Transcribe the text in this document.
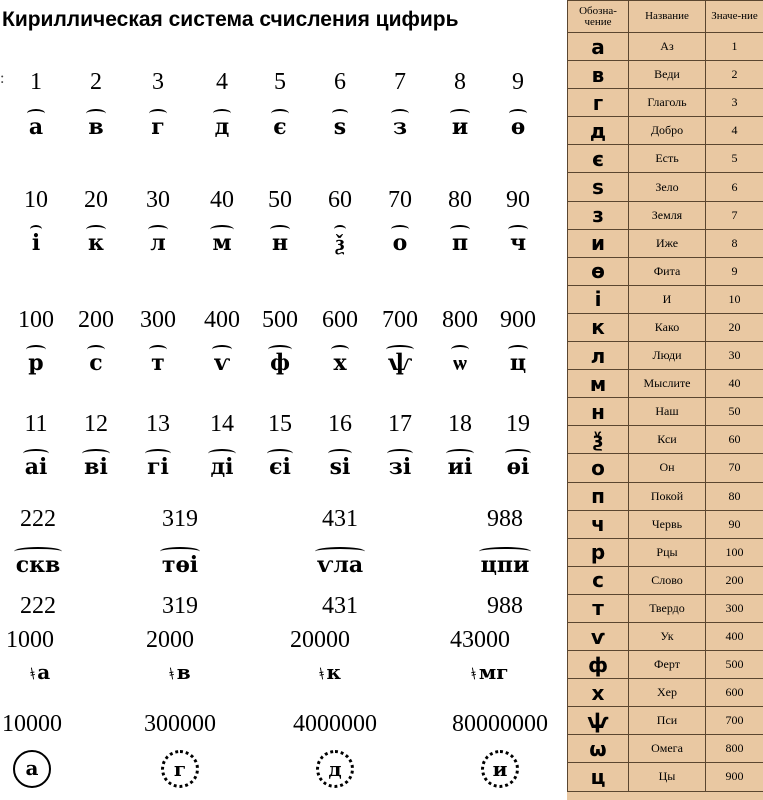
Кириллическая система счисления цифирь
:	1	2	3	4	5	6	7	8	9
а	в	г	д	є	ѕ	з	и	ѳ
10	20	30	40	50	60	70	80	90
і	к	л	м	н	ѯ	о	п	ч
100	200	300	400 500	600	700	800 900
р	с	т	ѵ	ф	х	ѱ	ѡ	ц
11	12	13	14	15	16	17	18	19
аі	ві	гі	ді	єі	ѕі	зі	иі	ѳі
222	319	431	988
скв	тѳі	ѵла	цпи
222	319	431	988
1000	2000	20000	43000
҂а	҂в	҂к	҂мг
10000	300000	4000000	80000000
а	г	д	и
Обозна-чение	Название	Значе-ние
а	Аз	1
в	Веди	2
г	Глаголь	3
д	Добро	4
є	Есть	5
ѕ	Зело	6
з	Земля	7
и	Иже	8
ѳ	Фита	9
і	И	10
к	Како	20
л	Люди	30
м	Мыслите	40
н	Наш	50
ѯ	Кси	60
о	Он	70
п	Покой	80
ч	Червь	90
р	Рцы	100
с	Слово	200
т	Твердо	300
ѵ	Ук	400
ф	Ферт	500
х	Хер	600
ѱ	Пси	700
ѡ	Омега	800
ц	Цы	900
